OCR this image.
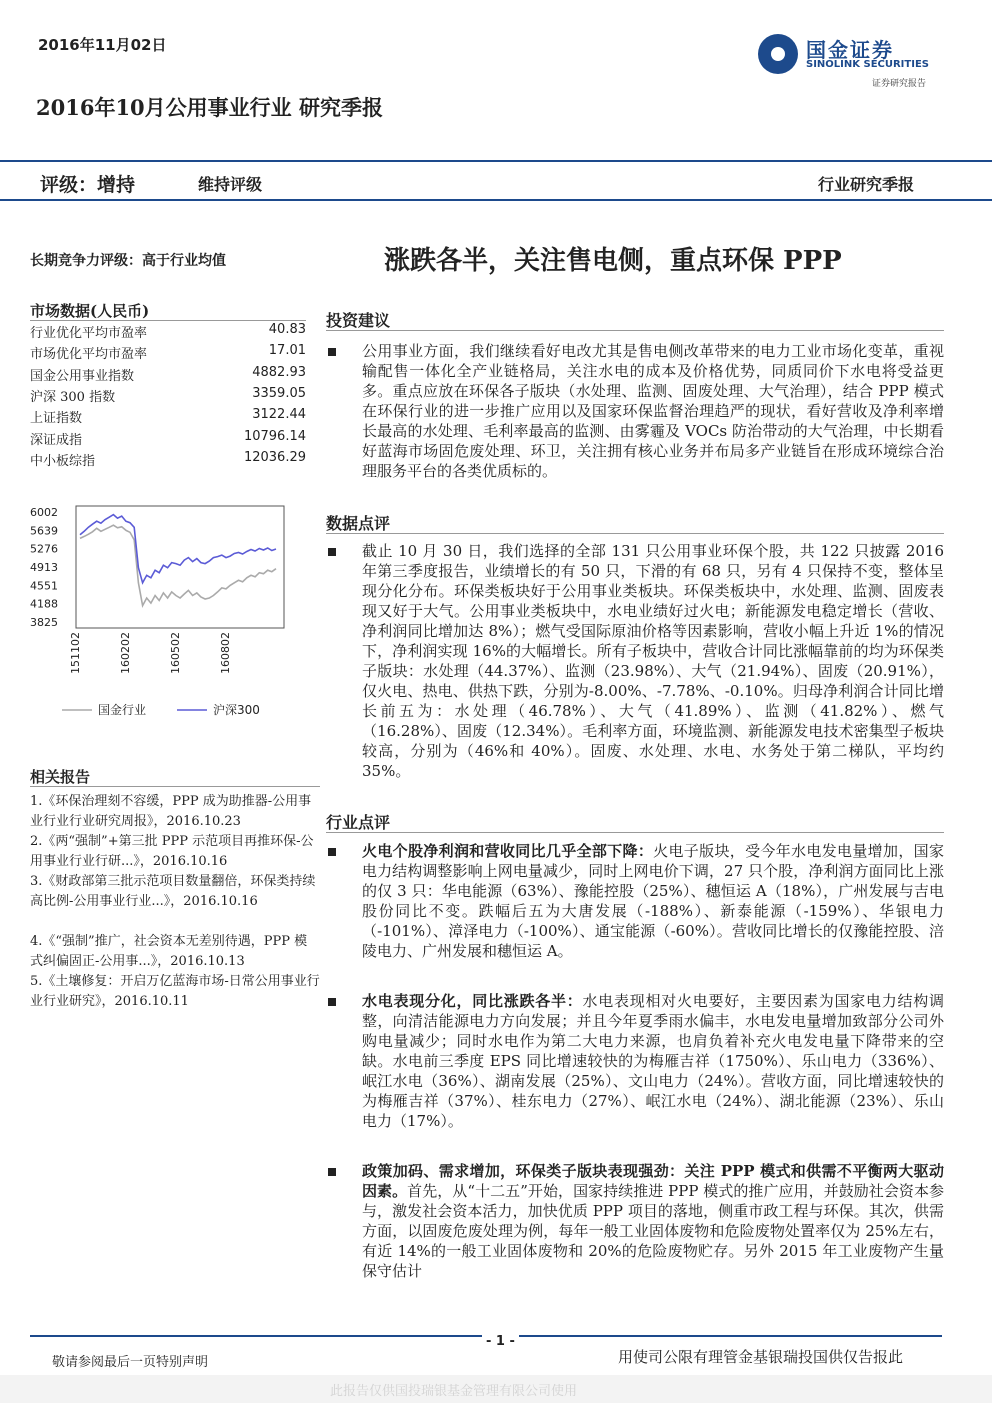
2016年11月02日	国金证券
SINOLINK SECURITIES
证券研究报告
2016年10月公用事业行业 研究季报
评级：增持	维持评级	行业研究季报
长期竞争力评级：高于行业均值	涨跌各半，关注售电侧，重点环保 PPP
市场数据(人民币)
行业优化平均市盈率	40.83
市场优化平均市盈率	17.01
国金公用事业指数	4882.93
沪深 300 指数	3359.05
上证指数	3122.44
深证成指	10796.14
中小板综指	12036.29
6002
5639
5276
4913
4551
4188
3825
151102	160202	160502	160802
国金行业	沪深300
相关报告
1.《环保治理刻不容缓，PPP 成为助推器-公用事业行业行业研究周报》，2016.10.23
2.《两“强制”+第三批 PPP 示范项目再推环保-公用事业行业行研...》，2016.10.16
3.《财政部第三批示范项目数量翻倍，环保类持续高比例-公用事业行业...》，2016.10.16
4.《“强制”推广，社会资本无差别待遇，PPP 模式纠偏固正-公用事...》，2016.10.13
5.《土壤修复：开启万亿蓝海市场-日常公用事业行业行业研究》，2016.10.11
投资建议
公用事业方面，我们继续看好电改尤其是售电侧改革带来的电力工业市场化变革，重视输配售一体化全产业链格局，关注水电的成本及价格优势，同质同价下水电将受益更多。重点应放在环保各子版块（水处理、监测、固废处理、大气治理），结合 PPP 模式在环保行业的进一步推广应用以及国家环保监督治理趋严的现状，看好营收及净利率增长最高的水处理、毛利率最高的监测、由雾霾及 VOCs 防治带动的大气治理，中长期看好蓝海市场固危废处理、环卫，关注拥有核心业务并布局多产业链旨在形成环境综合治理服务平台的各类优质标的。
数据点评
截止 10 月 30 日，我们选择的全部 131 只公用事业环保个股，共 122 只披露 2016 年第三季度报告，业绩增长的有 50 只，下滑的有 68 只，另有 4 只保持不变，整体呈现分化分布。环保类板块好于公用事业类板块。环保类板块中，水处理、监测、固废表现又好于大气。公用事业类板块中，水电业绩好过火电；新能源发电稳定增长（营收、净利润同比增加达 8%）；燃气受国际原油价格等因素影响，营收小幅上升近 1%的情况下，净利润实现 16%的大幅增长。所有子板块中，营收合计同比涨幅靠前的均为环保类子版块：水处理（44.37%）、监测（23.98%）、大气（21.94%）、固废（20.91%），仅火电、热电、供热下跌，分别为-8.00%、-7.78%、-0.10%。归母净利润合计同比增长前五为：水处理（46.78%）、大气（41.89%）、监测（41.82%）、燃气（16.28%）、固废（12.34%）。毛利率方面，环境监测、新能源发电技术密集型子板块较高，分别为（46%和 40%）。固废、水处理、水电、水务处于第二梯队，平均约 35%。
行业点评
火电个股净利润和营收同比几乎全部下降：火电子版块，受今年水电发电量增加，国家电力结构调整影响上网电量减少，同时上网电价下调，27 只个股，净利润方面同比上涨的仅 3 只：华电能源（63%）、豫能控股（25%）、穗恒运 A（18%），广州发展与吉电股份同比不变。跌幅后五为大唐发展（-188%）、新泰能源（-159%）、华银电力（-101%）、漳泽电力（-100%）、通宝能源（-60%）。营收同比增长的仅豫能控股、涪陵电力、广州发展和穗恒运 A。
水电表现分化，同比涨跌各半：水电表现相对火电要好，主要因素为国家电力结构调整，向清洁能源电力方向发展；并且今年夏季雨水偏丰，水电发电量增加致部分公司外购电量减少；同时水电作为第二大电力来源，也肩负着补充火电发电量下降带来的空缺。水电前三季度 EPS 同比增速较快的为梅雁吉祥（1750%）、乐山电力（336%）、岷江水电（36%）、湖南发展（25%）、文山电力（24%）。营收方面，同比增速较快的为梅雁吉祥（37%）、桂东电力（27%）、岷江水电（24%）、湖北能源（23%）、乐山电力（17%）。
政策加码、需求增加，环保类子版块表现强劲：关注 PPP 模式和供需不平衡两大驱动因素。首先，从“十二五”开始，国家持续推进 PPP 模式的推广应用，并鼓励社会资本参与，激发社会资本活力，加快优质 PPP 项目的落地，侧重市政工程与环保。其次，供需方面，以固废危废处理为例，每年一般工业固体废物和危险废物处置率仅为 25%左右，有近 14%的一般工业固体废物和 20%的危险废物贮存。另外 2015 年工业废物产生量保守估计
- 1 -
敬请参阅最后一页特别声明	用使司公限有理管金基银瑞投国供仅告报此
此报告仅供国投瑞银基金管理有限公司使用
